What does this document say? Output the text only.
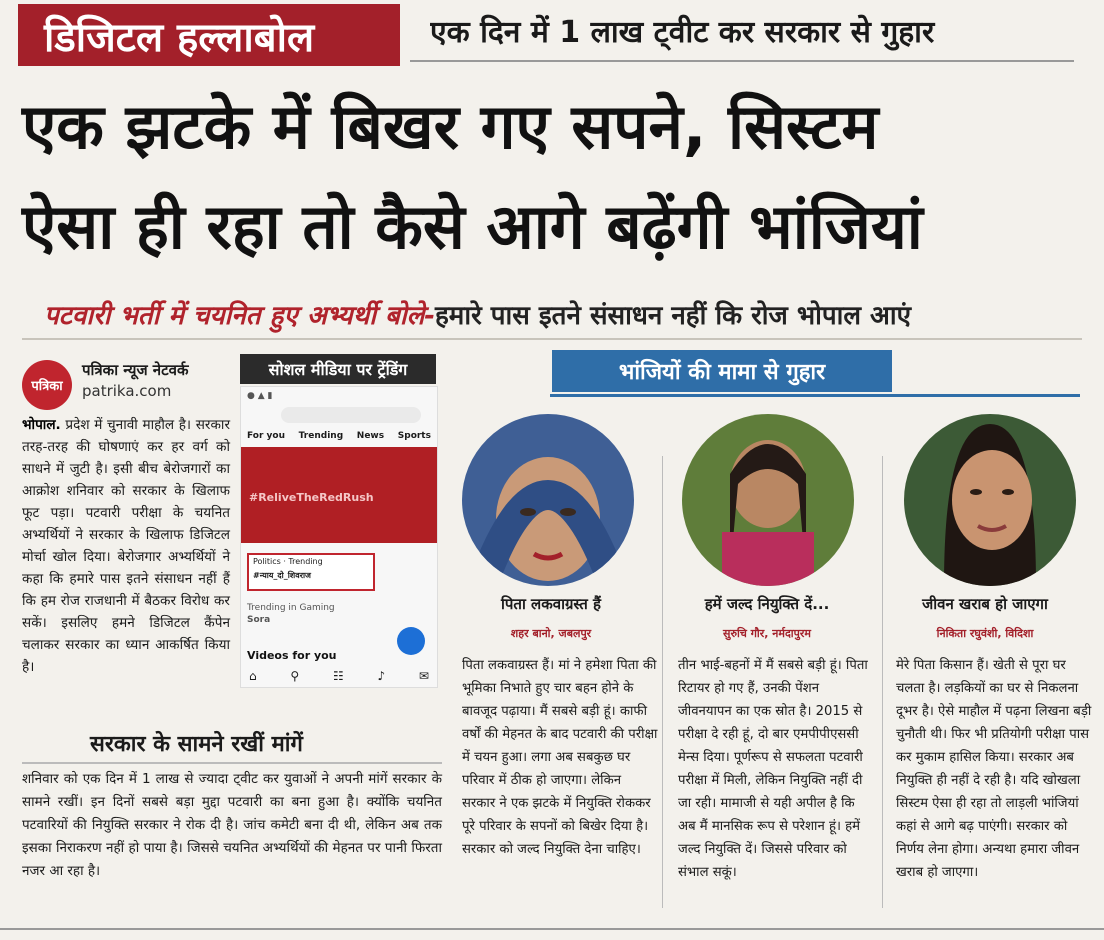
डिजिटल हल्लाबोल	एक दिन में 1 लाख ट्वीट कर सरकार से गुहार
एक झटके में बिखर गए सपने, सिस्टम
ऐसा ही रहा तो कैसे आगे बढ़ेंगी भांजियां
पटवारी भर्ती में चयनित हुए अभ्यर्थी बोले-हमारे पास इतने संसाधन नहीं कि रोज भोपाल आएं
पत्रिका
पत्रिका न्यूज नेटवर्क
patrika.com
भोपाल. प्रदेश में चुनावी माहौल है। सरकार तरह-तरह की घोषणाएं कर हर वर्ग को साधने में जुटी है। इसी बीच बेरोजगारों का आक्रोश शनिवार को सरकार के खिलाफ फूट पड़ा। पटवारी परीक्षा के चयनित अभ्यर्थियों ने सरकार के खिलाफ डिजिटल मोर्चा खोल दिया। बेरोजगार अभ्यर्थियों ने कहा कि हमारे पास इतने संसाधन नहीं हैं कि हम रोज राजधानी में बैठकर विरोध कर सकें। इसलिए हमने डिजिटल कैंपेन चलाकर सरकार का ध्यान आकर्षित किया है।
सोशल मीडिया पर ट्रेंडिंग
● ▲ ▮
For you Trending News Sports
#ReliveTheRedRush
Politics · Trending
#न्याय_दो_शिवराज
Trending in Gaming
Sora
Videos for you
⌂	⚲	☷	♪	✉
सरकार के सामने रखीं मांगें
शनिवार को एक दिन में 1 लाख से ज्यादा ट्वीट कर युवाओं ने अपनी मांगें सरकार के सामने रखीं। इन दिनों सबसे बड़ा मुद्दा पटवारी का बना हुआ है। क्योंकि चयनित पटवारियों की नियुक्ति सरकार ने रोक दी है। जांच कमेटी बना दी थी, लेकिन अब तक इसका निराकरण नहीं हो पाया है। जिससे चयनित अभ्यर्थियों की मेहनत पर पानी फिरता नजर आ रहा है।
भांजियों की मामा से गुहार
पिता लकवाग्रस्त हैं
शहर बानो, जबलपुर
पिता लकवाग्रस्त हैं। मां ने हमेशा पिता की भूमिका निभाते हुए चार बहन होने के बावजूद पढ़ाया। मैं सबसे बड़ी हूं। काफी वर्षों की मेहनत के बाद पटवारी की परीक्षा में चयन हुआ। लगा अब सबकुछ घर परिवार में ठीक हो जाएगा। लेकिन सरकार ने एक झटके में नियुक्ति रोककर पूरे परिवार के सपनों को बिखेर दिया है। सरकार को जल्द नियुक्ति देना चाहिए।
हमें जल्द नियुक्ति दें...
सुरुचि गौर, नर्मदापुरम
तीन भाई-बहनों में मैं सबसे बड़ी हूं। पिता रिटायर हो गए हैं, उनकी पेंशन जीवनयापन का एक स्रोत है। 2015 से परीक्षा दे रही हूं, दो बार एमपीपीएससी मेन्स दिया। पूर्णरूप से सफलता पटवारी परीक्षा में मिली, लेकिन नियुक्ति नहीं दी जा रही। मामाजी से यही अपील है कि अब मैं मानसिक रूप से परेशान हूं। हमें जल्द नियुक्ति दें। जिससे परिवार को संभाल सकूं।
जीवन खराब हो जाएगा
निकिता रघुवंशी, विदिशा
मेरे पिता किसान हैं। खेती से पूरा घर चलता है। लड़कियों का घर से निकलना दूभर है। ऐसे माहौल में पढ़ना लिखना बड़ी चुनौती थी। फिर भी प्रतियोगी परीक्षा पास कर मुकाम हासिल किया। सरकार अब नियुक्ति ही नहीं दे रही है। यदि खोखला सिस्टम ऐसा ही रहा तो लाड़ली भांजियां कहां से आगे बढ़ पाएंगी। सरकार को निर्णय लेना होगा। अन्यथा हमारा जीवन खराब हो जाएगा।
